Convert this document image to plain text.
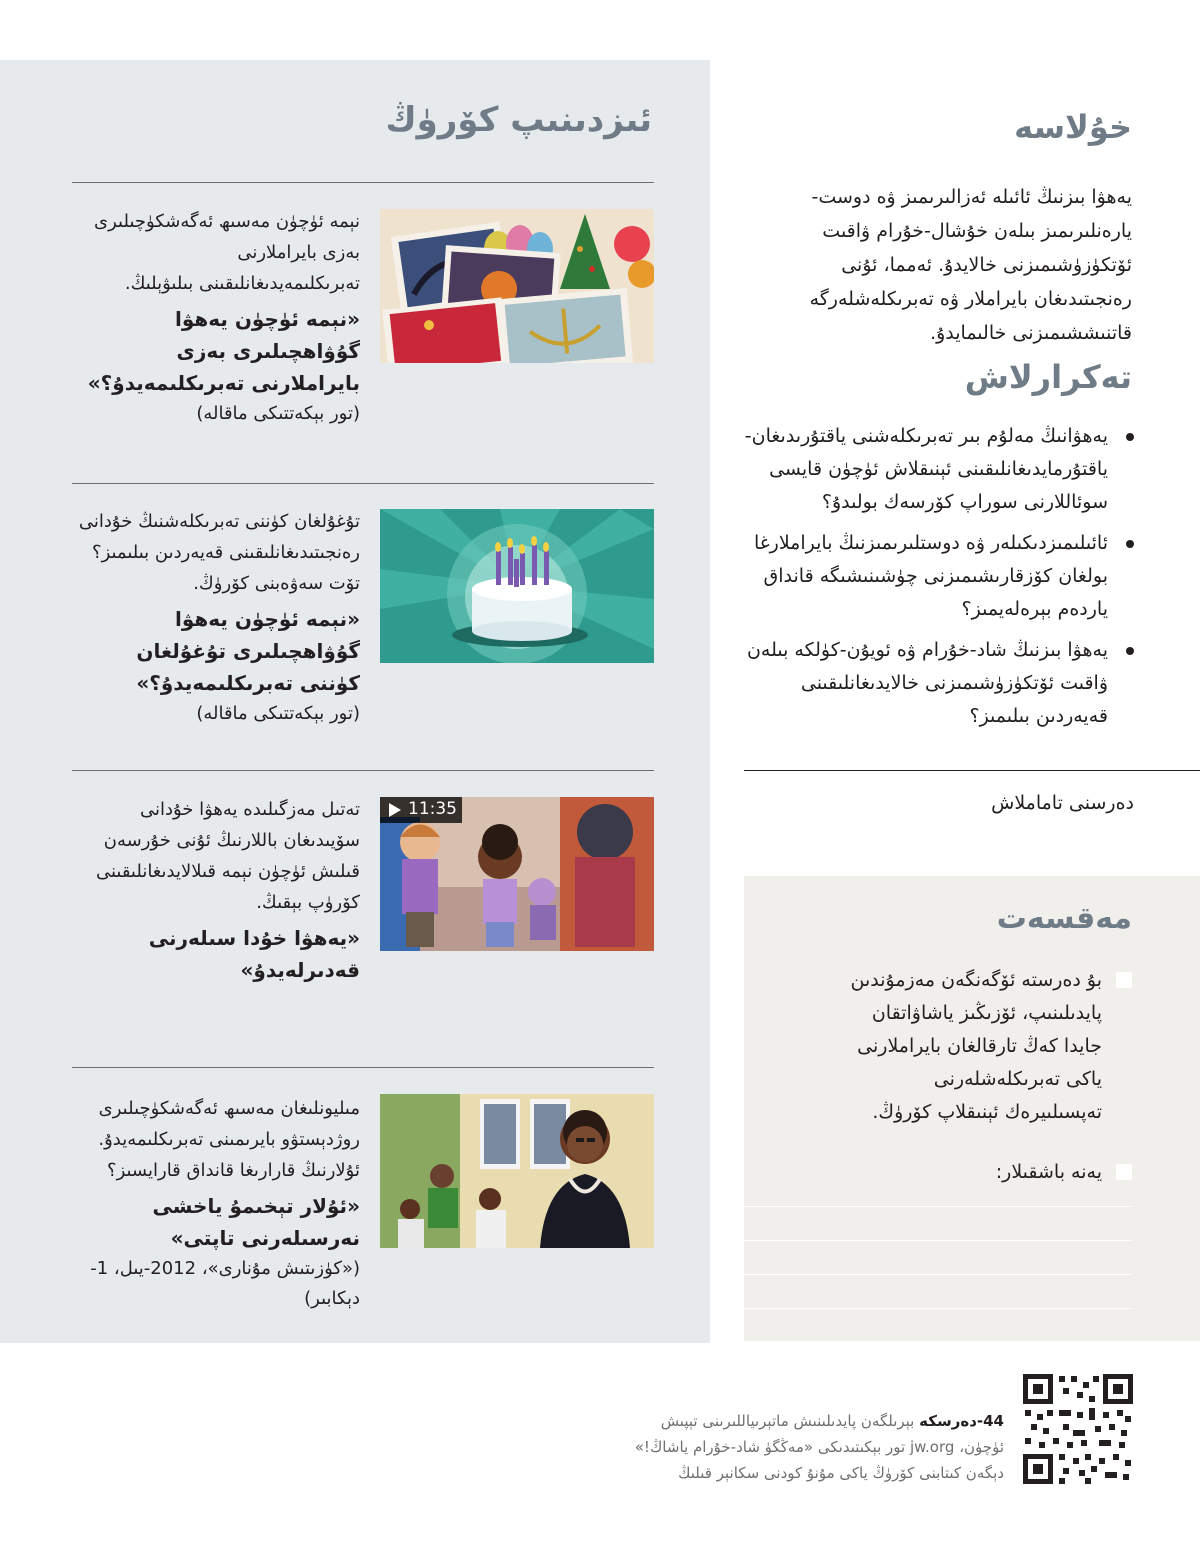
ئىزدىنىپ كۆرۈڭ
نېمە ئۈچۈن مەسىھ ئەگەشكۈچىلىرى بەزى بايراملارنى تەبرىكلىمەيدىغانلىقىنى بىلىۋېلىڭ.
«نېمە ئۈچۈن يەھۋا گۇۋاھچىلىرى بەزى بايراملارنى تەبرىكلىمەيدۇ؟»
(تور بېكەتتىكى ماقالە)
تۇغۇلغان كۈننى تەبرىكلەشنىڭ خۇدانى رەنجىتىدىغانلىقىنى قەيەردىن بىلىمىز؟ تۆت سەۋەبنى كۆرۈڭ.
«نېمە ئۈچۈن يەھۋا گۇۋاھچىلىرى تۇغۇلغان كۈننى تەبرىكلىمەيدۇ؟»
(تور بېكەتتىكى ماقالە)
تەتىل مەزگىلىدە يەھۋا خۇدانى سۆيىدىغان باللارنىڭ ئۇنى خۇرسەن قىلىش ئۈچۈن نېمە قىلالايدىغانلىقىنى كۆرۈپ بېقىڭ.
«يەھۋا خۇدا سىلەرنى قەدىرلەيدۇ»
11:35
مىليونلىغان مەسىھ ئەگەشكۈچىلىرى روژدېستۋو بايرىمىنى تەبرىكلىمەيدۇ. ئۇلارنىڭ قارارىغا قانداق قارايسىز؟
«ئۇلار تېخىمۇ ياخشى نەرسىلەرنى تاپتى»
(«كۈزىتىش مۇنارى»، 2012-يىل، 1-دېكابىر)
خۇلاسە
يەھۋا بىزنىڭ ئائىلە ئەزالىرىمىز ۋە دوست-يارەنلىرىمىز بىلەن خۇشال-خۇرام ۋاقىت ئۆتكۈزۈشىمىزنى خالايدۇ. ئەمما، ئۇنى رەنجىتىدىغان بايراملار ۋە تەبرىكلەشلەرگە قاتنىششىمىزنى خالىمايدۇ.
تەكرارلاش
يەھۋانىڭ مەلۇم بىر تەبرىكلەشنى ياقتۇرىدىغان-ياقتۇرمايدىغانلىقىنى ئېنىقلاش ئۈچۈن قايسى سوئاللارنى سوراپ كۆرسەك بولىدۇ؟
ئائىلىمىزدىكىلەر ۋە دوستلىرىمىزنىڭ بايراملارغا بولغان كۆزقارىشىمىزنى چۈشىنىشىگە قانداق ياردەم بېرەلەيمىز؟
يەھۋا بىزنىڭ شاد-خۇرام ۋە ئويۇن-كۈلكە بىلەن ۋاقىت ئۆتكۈزۈشىمىزنى خالايدىغانلىقىنى قەيەردىن بىلىمىز؟
دەرسنى تاماملاش
مەقسەت
بۇ دەرستە ئۆگەنگەن مەزمۇندىن پايدىلىنىپ، ئۆزىڭىز ياشاۋاتقان جايدا كەڭ تارقالغان بايراملارنى ياكى تەبرىكلەشلەرنى تەپسىلىيرەك ئېنىقلاپ كۆرۈڭ.
يەنە باشقىلار:
44-دەرسكە بېرىلگەن پايدىلىنىش ماتېرىياللىرىنى تېپىش
ئۈچۈن، jw.org تور بېكىتىدىكى «مەڭگۈ شاد-خۇرام ياشاڭ!»
دېگەن كىتابنى كۆرۈڭ ياكى مۇنۇ كودنى سكانېر قىلىڭ
